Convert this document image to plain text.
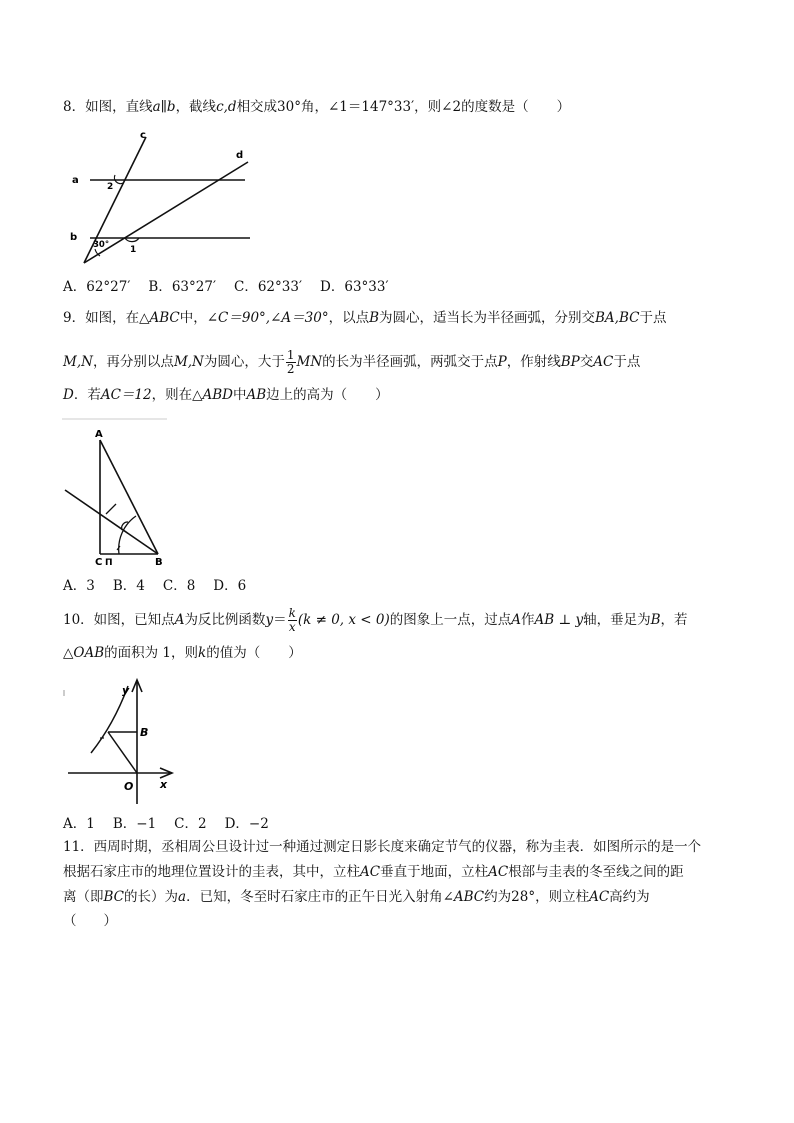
8．如图，直线a∥b，截线c,d相交成30°角，∠1＝147°33′，则∠2的度数是（ ）
c
d
a
b
2
30° 1
A．62°27′ B．63°27′ C．62°33′ D．63°33′
9．如图，在△ABC中，∠C＝90°,∠A＝30°，以点B为圆心，适当长为半径画弧，分别交BA,BC于点
M,N，再分别以点M,N为圆心，大于 $\frac{1}{2}$ MN的长为半径画弧，两弧交于点P，作射线BP交AC于点
D．若AC＝12，则在△ABD中AB边上的高为（ ）
A
C П	B
A．3 B．4 C．8 D．6
10．如图，已知点A为反比例函数$y= \frac{k}{x} (k \ne 0$, x < 0)的图象上一点，过点A作AB ⊥ y轴，垂足为B，若
△OAB的面积为 1，则k的值为（ ）
y
B
O x
A．1 B．−1 C．2 D．−2
11．西周时期，丞相周公旦设计过一种通过测定日影长度来确定节气的仪器，称为圭表．如图所示的是一个
根据石家庄市的地理位置设计的圭表，其中，立柱AC垂直于地面，立柱AC根部与圭表的冬至线之间的距
离（即BC的长）为a．已知，冬至时石家庄市的正午日光入射角∠ABC约为28°，则立柱AC高约为
（　　）
